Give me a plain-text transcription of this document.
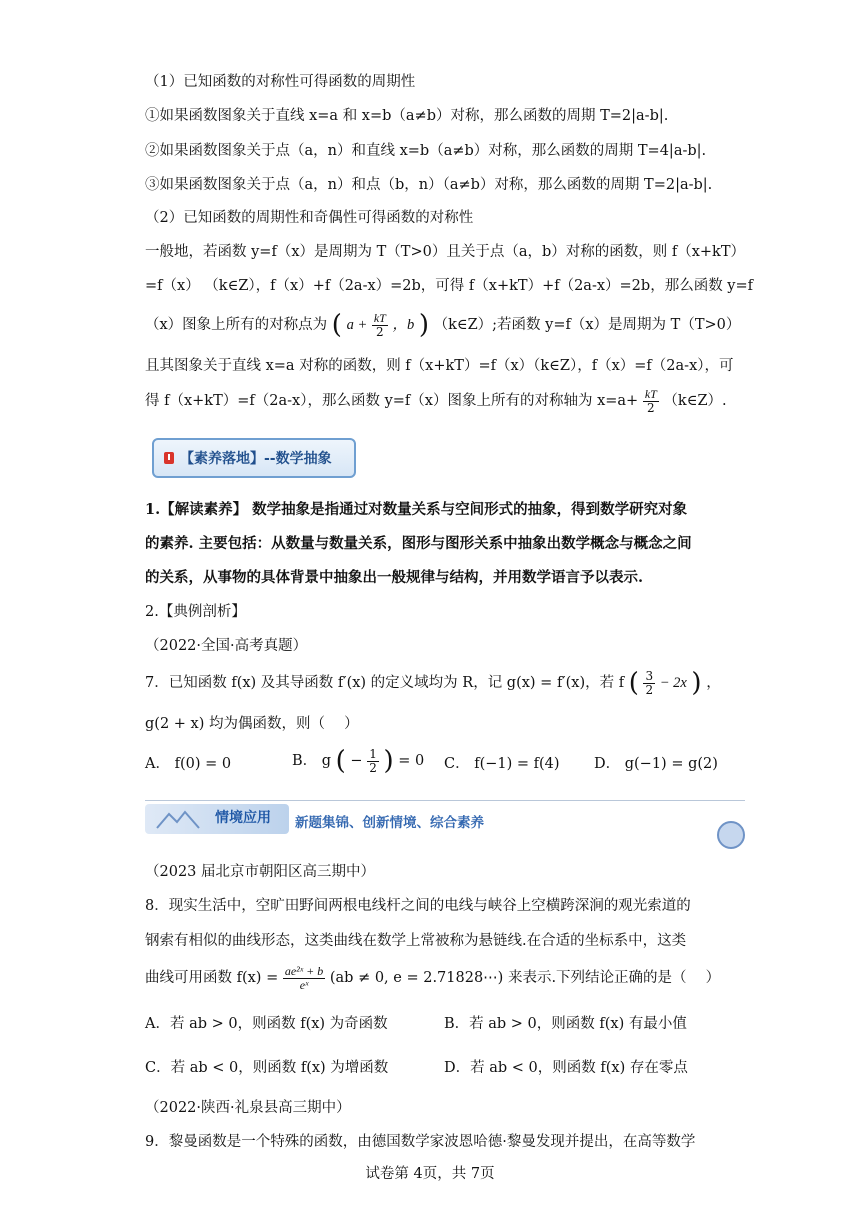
（1）已知函数的对称性可得函数的周期性
①如果函数图象关于直线 x=a 和 x=b（a≠b）对称，那么函数的周期 T=2|a-b|.
②如果函数图象关于点（a，n）和直线 x=b（a≠b）对称，那么函数的周期 T=4|a-b|.
③如果函数图象关于点（a，n）和点（b，n）（a≠b）对称，那么函数的周期 T=2|a-b|.
（2）已知函数的周期性和奇偶性可得函数的对称性
一般地，若函数 y=f（x）是周期为 T（T>0）且关于点（a，b）对称的函数，则 f（x+kT）
=f（x） （k∈Z），f（x）+f（2a-x）=2b，可得 f（x+kT）+f（2a-x）=2b，那么函数 y=f
（x）图象上所有的对称点为 ( $a + \frac{kT}{2}$ ，b ) （k∈Z）;若函数 y=f（x）是周期为 T（T>0）
且其图象关于直线 x=a 对称的函数，则 f（x+kT）=f（x）（k∈Z），f（x）=f（2a-x），可
得 f（x+kT）=f（2a-x），那么函数 y=f（x）图象上所有的对称轴为 $x=a+ \frac{kT}{2}$ （k∈Z）.
【素养落地】--数学抽象
1.【解读素养】 数学抽象是指通过对数量关系与空间形式的抽象，得到数学研究对象
的素养. 主要包括：从数量与数量关系，图形与图形关系中抽象出数学概念与概念之间
的关系，从事物的具体背景中抽象出一般规律与结构，并用数学语言予以表示.
2.【典例剖析】
（2022·全国·高考真题）
7．已知函数 f(x) 及其导函数 f′(x) 的定义域均为 R，记 g(x) = f′(x)，若 f ( $\frac{3}{2} - 2x$ ) ，
g(2 + x) 均为偶函数，则（　 ）
A． f(0) = 0	B． g ( − $\frac{1}{2}$ ) = 0 C． f(−1) = f(4) D． g(−1) = g(2)
情境应用 新题集锦、创新情境、综合素养
（2023 届北京市朝阳区高三期中）
8．现实生活中，空旷田野间两根电线杆之间的电线与峡谷上空横跨深涧的观光索道的
钢索有相似的曲线形态，这类曲线在数学上常被称为悬链线.在合适的坐标系中，这类
曲线可用函数 $f(x) = \frac{\text{ae²ˣ + b}}{\text{eˣ}} (ab \ne 0$, e = 2.71828⋯) 来表示.下列结论正确的是（　 ）
A．若 ab > 0，则函数 f(x) 为奇函数	B．若 ab > 0，则函数 f(x) 有最小值
C．若 ab < 0，则函数 f(x) 为增函数	D．若 ab < 0，则函数 f(x) 存在零点
（2022·陕西·礼泉县高三期中）
9．黎曼函数是一个特殊的函数，由德国数学家波恩哈德·黎曼发现并提出，在高等数学
试卷第 4页，共 7页
